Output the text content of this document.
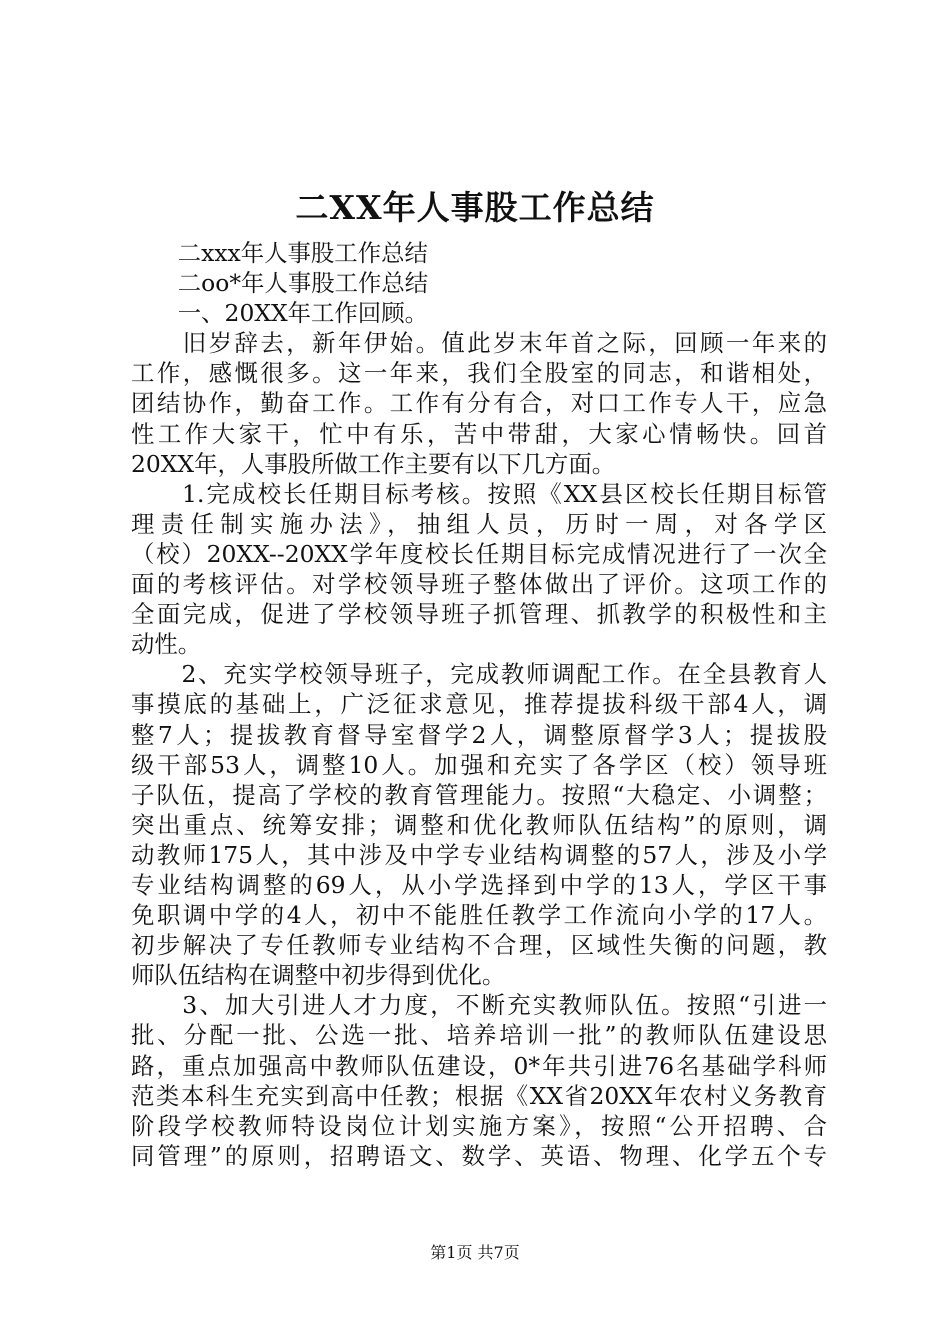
二XX年人事股工作总结
　　二xxx年人事股工作总结
　　二oo*年人事股工作总结
　　一、20XX年工作回顾。
　　旧岁辞去，新年伊始。值此岁末年首之际，回顾一年来的
工作，感慨很多。这一年来，我们全股室的同志，和谐相处，
团结协作，勤奋工作。工作有分有合，对口工作专人干，应急
性工作大家干，忙中有乐，苦中带甜，大家心情畅快。回首
20XX年，人事股所做工作主要有以下几方面。
　　1.完成校长任期目标考核。按照《XX县区校长任期目标管
理责任制实施办法》，抽组人员，历时一周，对各学区
（校）20XX--20XX学年度校长任期目标完成情况进行了一次全
面的考核评估。对学校领导班子整体做出了评价。这项工作的
全面完成，促进了学校领导班子抓管理、抓教学的积极性和主
动性。
　　2、充实学校领导班子，完成教师调配工作。在全县教育人
事摸底的基础上，广泛征求意见，推荐提拔科级干部4人，调
整7人；提拔教育督导室督学2人，调整原督学3人；提拔股
级干部53人，调整10人。加强和充实了各学区（校）领导班
子队伍，提高了学校的教育管理能力。按照“大稳定、小调整；
突出重点、统筹安排；调整和优化教师队伍结构”的原则，调
动教师175人，其中涉及中学专业结构调整的57人，涉及小学
专业结构调整的69人，从小学选择到中学的13人，学区干事
免职调中学的4人，初中不能胜任教学工作流向小学的17人。
初步解决了专任教师专业结构不合理，区域性失衡的问题，教
师队伍结构在调整中初步得到优化。
　　3、加大引进人才力度，不断充实教师队伍。按照“引进一
批、分配一批、公选一批、培养培训一批”的教师队伍建设思
路，重点加强高中教师队伍建设，0*年共引进76名基础学科师
范类本科生充实到高中任教；根据《XX省20XX年农村义务教育
阶段学校教师特设岗位计划实施方案》，按照“公开招聘、合
同管理”的原则，招聘语文、数学、英语、物理、化学五个专
第1页 共7页
